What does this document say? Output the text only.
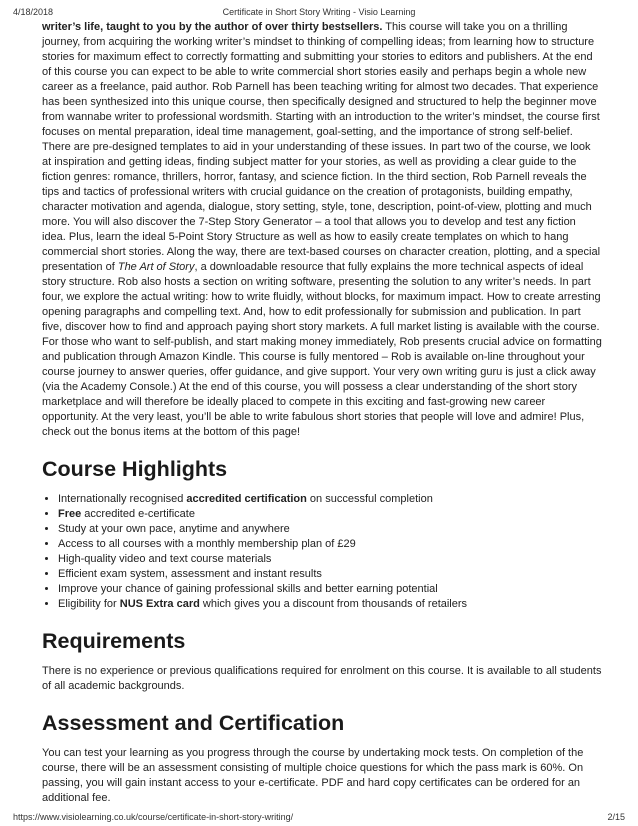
4/18/2018	Certificate in Short Story Writing - Visio Learning

writer’s life, taught to you by the author of over thirty bestsellers. This course will take you on a thrilling journey, from acquiring the working writer’s mindset to thinking of compelling ideas; from learning how to structure stories for maximum effect to correctly formatting and submitting your stories to editors and publishers. At the end of this course you can expect to be able to write commercial short stories easily and perhaps begin a whole new career as a freelance, paid author. Rob Parnell has been teaching writing for almost two decades. That experience has been synthesized into this unique course, then specifically designed and structured to help the beginner move from wannabe writer to professional wordsmith. Starting with an introduction to the writer’s mindset, the course first focuses on mental preparation, ideal time management, goal-setting, and the importance of strong self-belief. There are pre-designed templates to aid in your understanding of these issues. In part two of the course, we look at inspiration and getting ideas, finding subject matter for your stories, as well as providing a clear guide to the fiction genres: romance, thrillers, horror, fantasy, and science fiction. In the third section, Rob Parnell reveals the tips and tactics of professional writers with crucial guidance on the creation of protagonists, building empathy, character motivation and agenda, dialogue, story setting, style, tone, description, point-of-view, plotting and much more. You will also discover the 7-Step Story Generator – a tool that allows you to develop and test any fiction idea. Plus, learn the ideal 5-Point Story Structure as well as how to easily create templates on which to hang commercial short stories. Along the way, there are text-based courses on character creation, plotting, and a special presentation of The Art of Story, a downloadable resource that fully explains the more technical aspects of ideal story structure. Rob also hosts a section on writing software, presenting the solution to any writer’s needs. In part four, we explore the actual writing: how to write fluidly, without blocks, for maximum impact. How to create arresting opening paragraphs and compelling text. And, how to edit professionally for submission and publication. In part five, discover how to find and approach paying short story markets. A full market listing is available with the course. For those who want to self-publish, and start making money immediately, Rob presents crucial advice on formatting and publication through Amazon Kindle. This course is fully mentored – Rob is available on-line throughout your course journey to answer queries, offer guidance, and give support. Your very own writing guru is just a click away (via the Academy Console.) At the end of this course, you will possess a clear understanding of the short story marketplace and will therefore be ideally placed to compete in this exciting and fast-growing new career opportunity. At the very least, you’ll be able to write fabulous short stories that people will love and admire! Plus, check out the bonus items at the bottom of this page!

Course Highlights
• Internationally recognised accredited certification on successful completion
• Free accredited e-certificate
• Study at your own pace, anytime and anywhere
• Access to all courses with a monthly membership plan of £29
• High-quality video and text course materials
• Efficient exam system, assessment and instant results
• Improve your chance of gaining professional skills and better earning potential
• Eligibility for NUS Extra card which gives you a discount from thousands of retailers
Requirements

There is no experience or previous qualifications required for enrolment on this course. It is available to all students of all academic backgrounds.

Assessment and Certification

You can test your learning as you progress through the course by undertaking mock tests. On completion of the course, there will be an assessment consisting of multiple choice questions for which the pass mark is 60%. On passing, you will gain instant access to your e-certificate. PDF and hard copy certificates can be ordered for an additional fee.

https://www.visiolearning.co.uk/course/certificate-in-short-story-writing/	2/15
